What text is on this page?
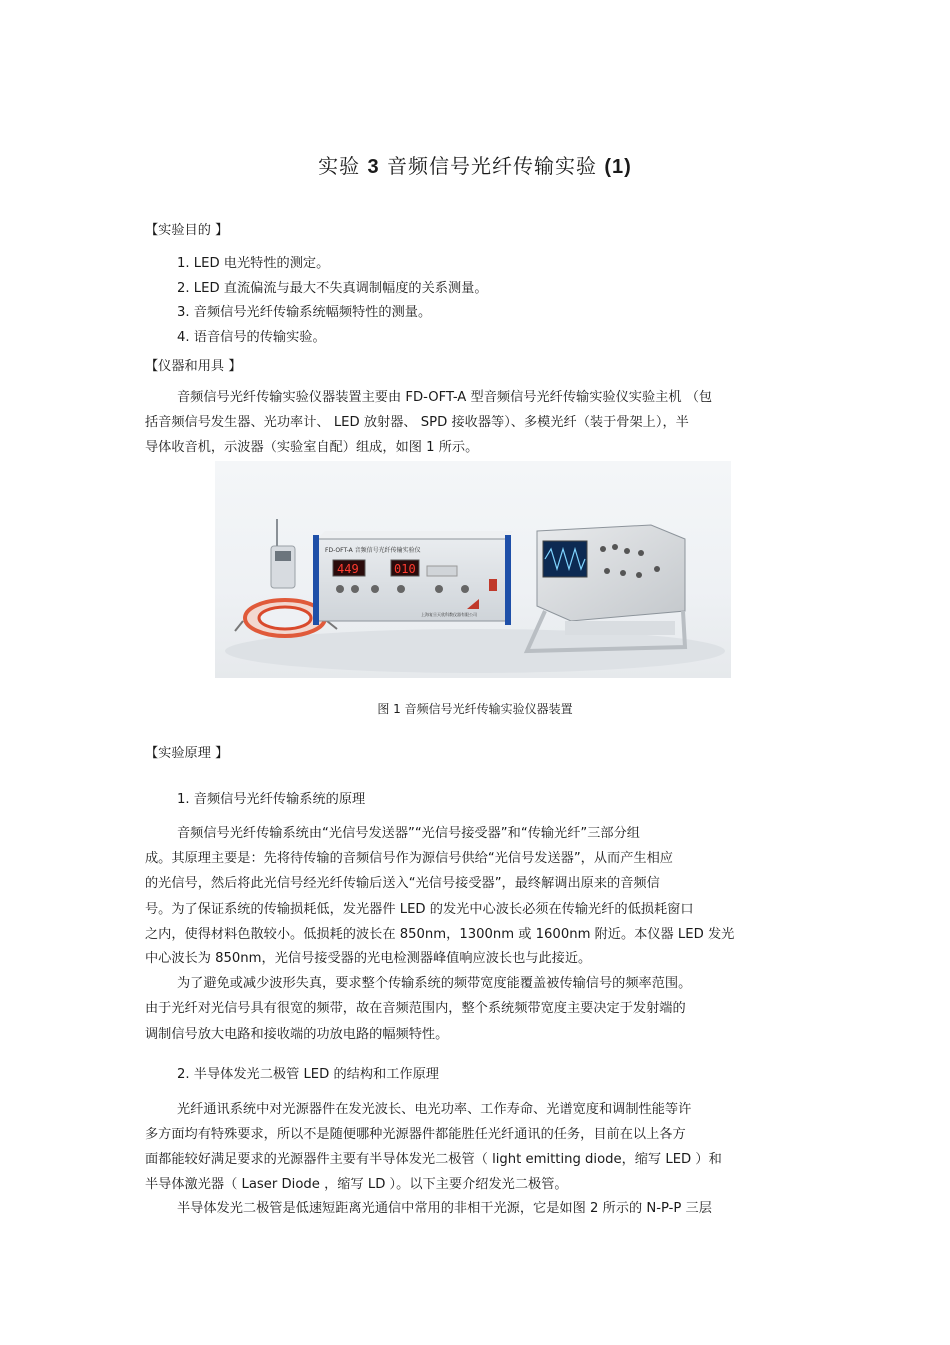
实验 3 音频信号光纤传输实验 (1)
【实验目的 】
1. LED 电光特性的测定。
2. LED 直流偏流与最大不失真调制幅度的关系测量。
3. 音频信号光纤传输系统幅频特性的测量。
4. 语音信号的传输实验。
【仪器和用具 】
音频信号光纤传输实验仪器装置主要由 FD-OFT-A 型音频信号光纤传输实验仪实验主机 （包
括音频信号发生器、光功率计、 LED 放射器、 SPD 接收器等）、多模光纤（装于骨架上），半
导体收音机，示波器（实验室自配）组成，如图 1 所示。
FD-OFT-A 音频信号光纤传输实验仪
449	010
上海复旦天欣科教仪器有限公司
图 1 音频信号光纤传输实验仪器装置
【实验原理 】
1. 音频信号光纤传输系统的原理
音频信号光纤传输系统由“光信号发送器”“光信号接受器”和“传输光纤”三部分组
成。其原理主要是：先将待传输的音频信号作为源信号供给“光信号发送器”，从而产生相应
的光信号，然后将此光信号经光纤传输后送入“光信号接受器”，最终解调出原来的音频信
号。为了保证系统的传输损耗低，发光器件 LED 的发光中心波长必须在传输光纤的低损耗窗口
之内，使得材料色散较小。低损耗的波长在 850nm，1300nm 或 1600nm 附近。本仪器 LED 发光
中心波长为 850nm，光信号接受器的光电检测器峰值响应波长也与此接近。
为了避免或减少波形失真，要求整个传输系统的频带宽度能覆盖被传输信号的频率范围。
由于光纤对光信号具有很宽的频带，故在音频范围内，整个系统频带宽度主要决定于发射端的
调制信号放大电路和接收端的功放电路的幅频特性。
2. 半导体发光二极管 LED 的结构和工作原理
光纤通讯系统中对光源器件在发光波长、电光功率、工作寿命、光谱宽度和调制性能等许
多方面均有特殊要求，所以不是随便哪种光源器件都能胜任光纤通讯的任务，目前在以上各方
面都能较好满足要求的光源器件主要有半导体发光二极管（ light emitting diode，缩写 LED ）和
半导体激光器（ Laser Diode ，缩写 LD ）。以下主要介绍发光二极管。
半导体发光二极管是低速短距离光通信中常用的非相干光源，它是如图 2 所示的 N-P-P 三层
